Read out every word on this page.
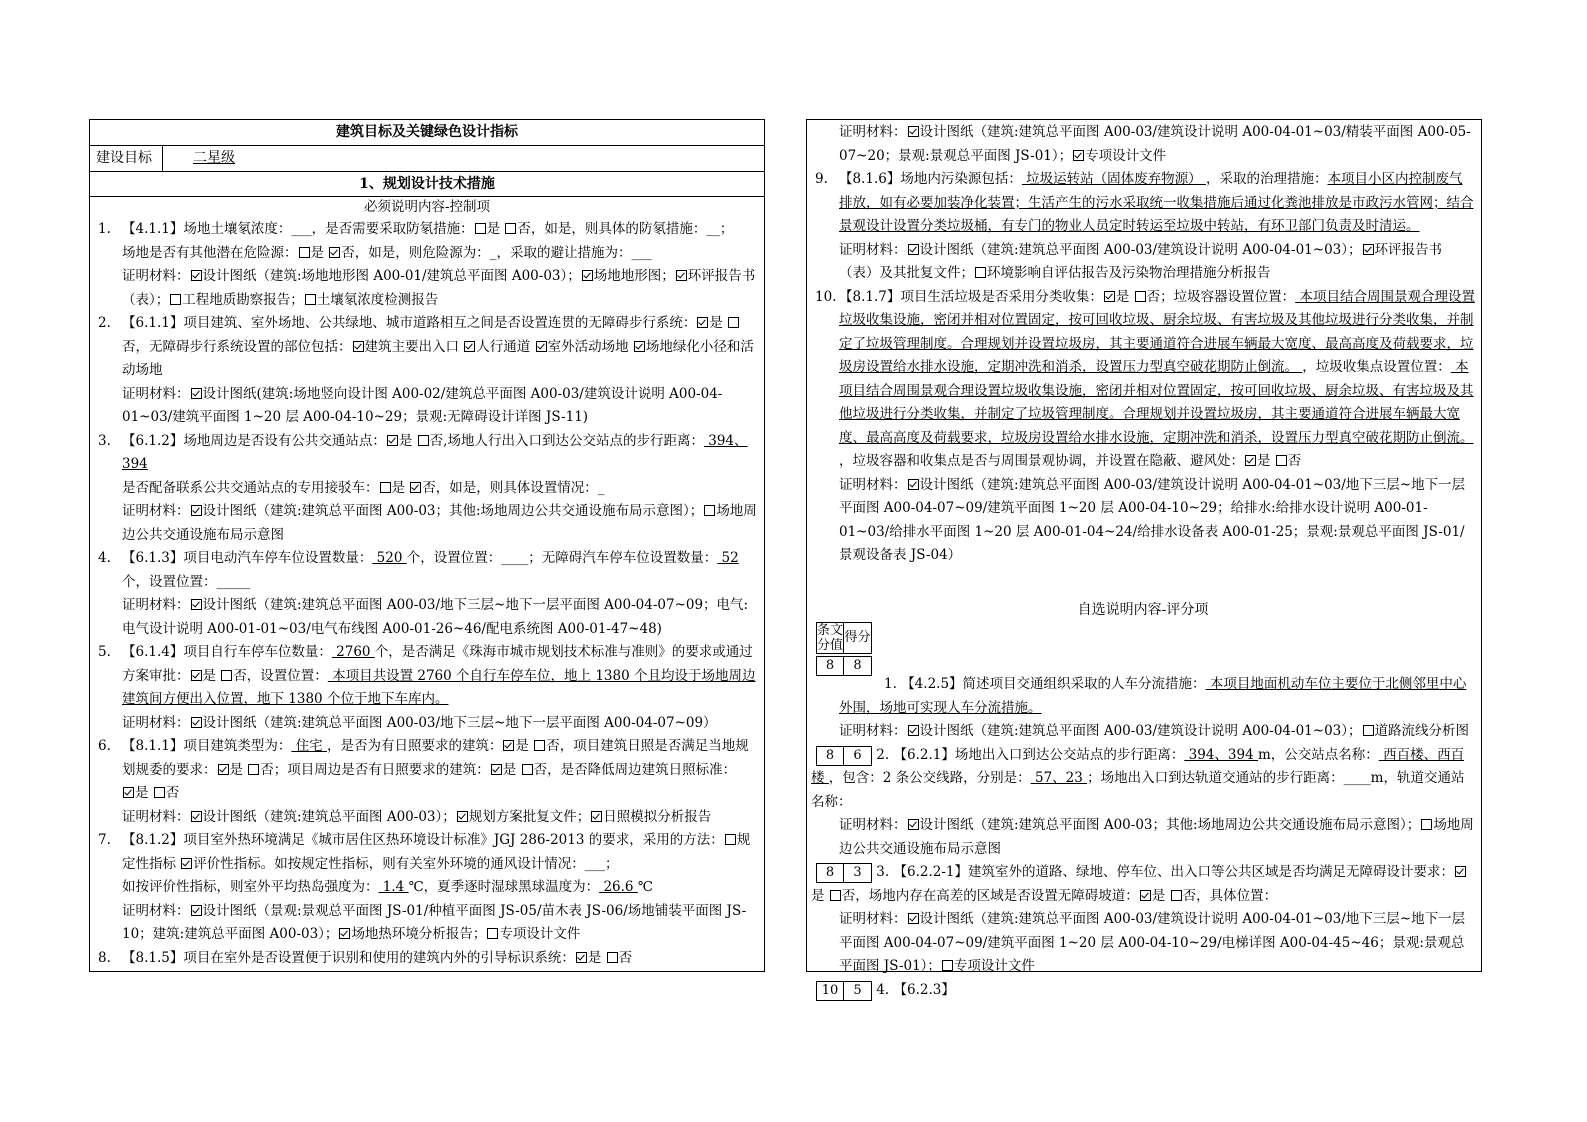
建筑目标及关键绿色设计指标
建设目标	二星级
1、规划设计技术措施
必须说明内容-控制项
1. 【4.1.1】场地土壤氡浓度：___，是否需要采取防氡措施： 是 否，如是，则具体的防氡措施：__；
场地是否有其他潜在危险源： 是 否，如是，则危险源为：_，采取的避让措施为：___
证明材料： 设计图纸（建筑:场地地形图 A00-01/建筑总平面图 A00-03）； 场地地形图； 环评报告书（表）； 工程地质勘察报告； 土壤氡浓度检测报告
2. 【6.1.1】项目建筑、室外场地、公共绿地、城市道路相互之间是否设置连贯的无障碍步行系统： 是 否，无障碍步行系统设置的部位包括： 建筑主要出入口 人行通道 室外活动场地 场地绿化小径和活动场地
证明材料： 设计图纸(建筑:场地竖向设计图 A00-02/建筑总平面图 A00-03/建筑设计说明 A00-04-01~03/建筑平面图 1~20 层 A00-04-10~29；景观:无障碍设计详图 JS-11)
3. 【6.1.2】场地周边是否设有公共交通站点： 是 否,场地人行出入口到达公交站点的步行距离： 394、394
是否配备联系公共交通站点的专用接驳车： 是 否，如是，则具体设置情况：_
证明材料： 设计图纸（建筑:建筑总平面图 A00-03；其他:场地周边公共交通设施布局示意图）； 场地周边公共交通设施布局示意图
4. 【6.1.3】项目电动汽车停车位设置数量： 520 个，设置位置：____；无障碍汽车停车位设置数量： 52 个，设置位置：_____
证明材料： 设计图纸（建筑:建筑总平面图 A00-03/地下三层~地下一层平面图 A00-04-07~09；电气:电气设计说明 A00-01-01~03/电气布线图 A00-01-26~46/配电系统图 A00-01-47~48)
5. 【6.1.4】项目自行车停车位数量： 2760 个，是否满足《珠海市城市规划技术标准与准则》的要求或通过方案审批： 是 否，设置位置： 本项目共设置 2760 个自行车停车位，地上 1380 个且均设于场地周边建筑间方便出入位置，地下 1380 个位于地下车库内。
证明材料： 设计图纸（建筑:建筑总平面图 A00-03/地下三层~地下一层平面图 A00-04-07~09）
6. 【8.1.1】项目建筑类型为： 住宅 ，是否为有日照要求的建筑： 是 否，项目建筑日照是否满足当地规划规委的要求： 是 否；项目周边是否有日照要求的建筑： 是 否，是否降低周边建筑日照标准：
是 否
证明材料： 设计图纸（建筑:建筑总平面图 A00-03）； 规划方案批复文件； 日照模拟分析报告
7. 【8.1.2】项目室外热环境满足《城市居住区热环境设计标准》JGJ 286-2013 的要求，采用的方法： 规定性指标 评价性指标。如按规定性指标，则有关室外环境的通风设计情况：___；
如按评价性指标，则室外平均热岛强度为： 1.4 ℃，夏季逐时湿球黑球温度为： 26.6 ℃
证明材料： 设计图纸（景观:景观总平面图 JS-01/种植平面图 JS-05/苗木表 JS-06/场地铺装平面图 JS-10；建筑:建筑总平面图 A00-03）； 场地热环境分析报告； 专项设计文件
8. 【8.1.5】项目在室外是否设置便于识别和使用的建筑内外的引导标识系统： 是 否
证明材料： 设计图纸（建筑:建筑总平面图 A00-03/建筑设计说明 A00-04-01~03/精装平面图 A00-05-07~20；景观:景观总平面图 JS-01）； 专项设计文件
9. 【8.1.6】场地内污染源包括： 垃圾运转站（固体废弃物源） ，采取的治理措施：本项目小区内控制废气排放，如有必要加装净化装置；生活产生的污水采取统一收集措施后通过化粪池排放是市政污水管网；结合景观设计设置分类垃圾桶，有专门的物业人员定时转运至垃圾中转站，有环卫部门负责及时清运。
证明材料： 设计图纸（建筑:建筑总平面图 A00-03/建筑设计说明 A00-04-01~03）； 环评报告书（表）及其批复文件； 环境影响自评估报告及污染物治理措施分析报告
10. 【8.1.7】项目生活垃圾是否采用分类收集： 是 否；垃圾容器设置位置： 本项目结合周围景观合理设置垃圾收集设施，密闭并相对位置固定，按可回收垃圾、厨余垃圾、有害垃圾及其他垃圾进行分类收集，并制定了垃圾管理制度。合理规划并设置垃圾房，其主要通道符合进展车辆最大宽度、最高高度及荷载要求，垃圾房设置给水排水设施，定期冲洗和消杀，设置压力型真空破花期防止倒流。 ，垃圾收集点设置位置： 本项目结合周围景观合理设置垃圾收集设施，密闭并相对位置固定，按可回收垃圾、厨余垃圾、有害垃圾及其他垃圾进行分类收集，并制定了垃圾管理制度。合理规划并设置垃圾房，其主要通道符合进展车辆最大宽度、最高高度及荷载要求，垃圾房设置给水排水设施，定期冲洗和消杀，设置压力型真空破花期防止倒流。 ，垃圾容器和收集点是否与周围景观协调，并设置在隐蔽、避风处： 是 否
证明材料： 设计图纸（建筑:建筑总平面图 A00-03/建筑设计说明 A00-04-01~03/地下三层~地下一层平面图 A00-04-07~09/建筑平面图 1~20 层 A00-04-10~29；给排水:给排水设计说明 A00-01-01~03/给排水平面图 1~20 层 A00-01-04~24/给排水设备表 A00-01-25；景观:景观总平面图 JS-01/景观设备表 JS-04）
自选说明内容-评分项
条文分值
得分
8 8
1. 【4.2.5】简述项目交通组织采取的人车分流措施： 本项目地面机动车位主要位于北侧邻里中心外围，场地可实现人车分流措施。
证明材料： 设计图纸（建筑:建筑总平面图 A00-03/建筑设计说明 A00-04-01~03）； 道路流线分析图
8 6 2. 【6.2.1】场地出入口到达公交站点的步行距离： 394、394 m，公交站点名称： 西百楼、西百楼 ，包含：2 条公交线路，分别是： 57、23 ；场地出入口到达轨道交通站的步行距离：____m，轨道交通站名称：
证明材料： 设计图纸（建筑:建筑总平面图 A00-03；其他:场地周边公共交通设施布局示意图）； 场地周边公共交通设施布局示意图
8 3 3. 【6.2.2-1】建筑室外的道路、绿地、停车位、出入口等公共区域是否均满足无障碍设计要求：是 否，场地内存在高差的区域是否设置无障碍坡道： 是 否，具体位置：
证明材料： 设计图纸（建筑:建筑总平面图 A00-03/建筑设计说明 A00-04-01~03/地下三层~地下一层平面图 A00-04-07~09/建筑平面图 1~20 层 A00-04-10~29/电梯详图 A00-04-45~46；景观:景观总平面图 JS-01）； 专项设计文件
10 5 4. 【6.2.3】
